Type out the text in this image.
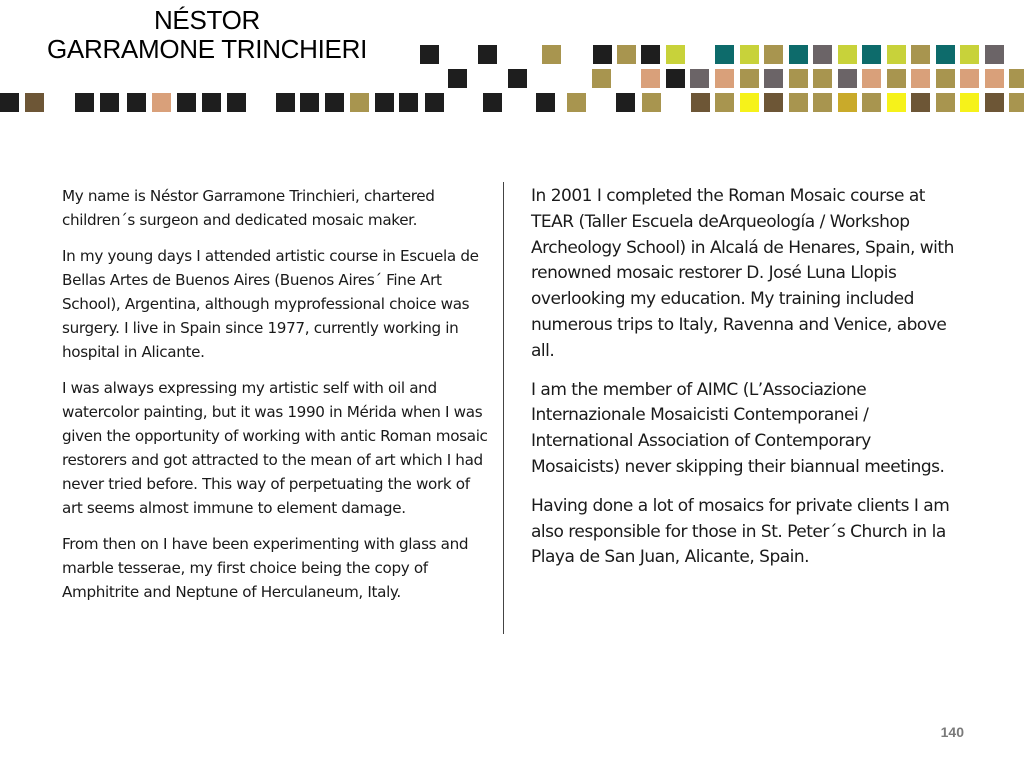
NÉSTOR
GARRAMONE TRINCHIERI

My name is Néstor Garramone Trinchieri, chartered children´s surgeon and dedicated mosaic maker.

In my young days I attended artistic course in Escuela de Bellas Artes de Buenos Aires (Buenos Aires´ Fine Art School), Argentina, although myprofessional choice was surgery. I live in Spain since 1977, currently working in hospital in Alicante.

I was always expressing my artistic self with oil and watercolor painting, but it was 1990 in Mérida when I was given the opportunity of working with antic Roman mosaic restorers and got attracted to the mean of art which I had never tried before. This way of perpetuating the work of art seems almost immune to element damage.

From then on I have been experimenting with glass and marble tesserae, my first choice being the copy of Amphitrite and Neptune of Herculaneum, Italy.

In 2001 I completed the Roman Mosaic course at TEAR (Taller Escuela deArqueología / Workshop Archeology School) in Alcalá de Henares, Spain, with renowned mosaic restorer D. José Luna Llopis overlooking my education. My training included numerous trips to Italy, Ravenna and Venice, above all.

I am the member of AIMC (L’Associazione Internazionale Mosaicisti Contemporanei / International Association of Contemporary Mosaicists) never skipping their biannual meetings.

Having done a lot of mosaics for private clients I am also responsible for those in St. Peter´s Church in la Playa de San Juan, Alicante, Spain.

140
